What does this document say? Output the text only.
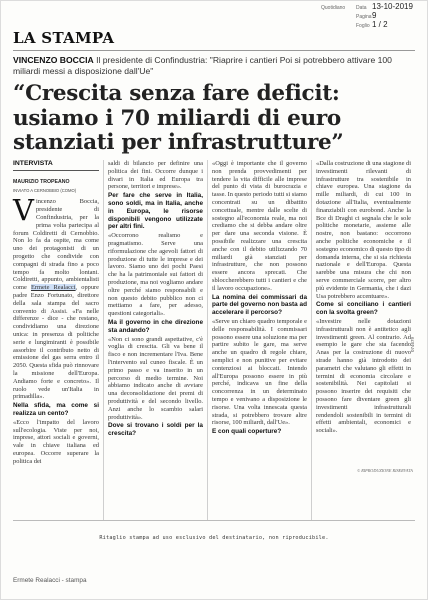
LA STAMPA
Quotidiano Data 13-10-2019
Pagina 9
Foglio 1 / 2
VINCENZO BOCCIA Il presidente di Confindustria: "Riaprire i cantieri Poi si potrebbero attivare 100 miliardi messi a disposizione dall'Ue"
“Crescita senza fare deficit: usiamo i 70 miliardi di euro stanziati per infrastrutture”
INTERVISTA
MAURIZIO TROPEANO
INVIATO A CERNOBBIO (COMO)

Vincenzo Boccia, presidente di Confindustria, per la prima volta partecipa al forum Coldiretti di Cernobbio. Non lo fa da ospite, ma come uno dei protagonisti di un progetto che condivide con compagni di strada fino a poco tempo fa molto lontani. Coldiretti, appunto, ambientalisti come Ermete Realacci, oppure padre Enzo Fortunato, direttore della sala stampa del sacro convento di Assisi. «Fa nelle differenze - dice - che restano, condividiamo una direzione unica: in presenza di politiche serie e lungimiranti è possibile assorbire il contributo netto di emissione del gas serra entro il 2050. Questa sfida può rinnovare la missione dell'Europa. Andiamo forte e concreto». Il ruolo vede un'Italia in primadilla».

Nella sfida, ma come si realizza un cento?

«Ecco l'impatto del lavoro sull'ecologia. Viste per noi, imprese, attori sociali e governi, vale in chiave italiana ed europea. Occorre superare la politica dei

saldi di bilancio per definire una politica dei fini. Occorre dunque i divari in Italia ed Europa tra persone, territori e imprese».

Per fare che serve in Italia, sono soldi, ma in Italia, anche in Europa, le risorse disponibili vengono utilizzate per altri fini.

«Occorrono realismo e pragmatismo. Serve una riformulazione che agevoli fattori di produzione di tutte le imprese e dei lavoro. Siamo uno dei pochi Paesi che ha la patrimoniale sui fattori di produzione, ma noi vogliamo andare oltre perché siamo responsabili e non questo debito pubblico non ci mettiamo a fare, per adesso, questioni categoriali».

Ma il governo in che direzione sta andando?

«Non ci sono grandi aspettative, c'è voglia di crescita. Gli va bene il fisco e non incrementare l'Iva. Bene l'intervento sul cuneo fiscale. È un primo passo e va inserito in un percorso di medio termine. Noi abbiamo indicato anche di avviare una deconsolidazione dei premi di produttività e del secondo livello. Anzi anche lo scambio salari produttività».

Dove si trovano i soldi per la crescita?

«Oggi è importante che il governo non prenda provvedimenti per tendere la vita difficile alle imprese del punto di vista di burocrazia e tasse. In questo periodo tutti si siamo concentrati su un dibattito concettuale, mentre dalle scelte di sostegno all'economia reale, ma noi crediamo che si debba andare oltre per dare una seconda visione. È possibile realizzare una crescita anche con il debito utilizzando 70 miliardi già stanziati per infrastrutture, che non possono essere ancora sprecati. Che sbloccherebbero tutti i cantieri e che il lavoro occupazione».

La nomina dei commissari da parte del governo non basta ad accelerare il percorso?

«Serve un chiaro quadro temporale e delle responsabilità. I commissari possono essere una soluzione ma per partire subito le gare, ma serve anche un quadro di regole chiare, semplici e non punitive per evitare contenziosi ai bloccati. Intendo all'Europa possono essere in più perché, indicava un fine della concorrenza in un determinato tempo e venivano a disposizione le risorse. Una volta innescata questa strada, si potrebbero trovare altre risorse, 100 miliardi, dall'Ue».

E con quali coperture?

«Dalla costruzione di una stagione di investimenti rilevanti di infrastrutture tra sostenibile in chiave europea. Una stagione da mille miliardi, di cui 100 in dotazione all'Italia, eventualmente finanziabili con eurobond. Anche la Bce di Draghi ci segnala che le sole politiche monetarie, assieme alle nostre, non bastano: occorrono anche politiche economiche e il sostegno economico di questo tipo di domanda interna, che si sia richiesta nazionale e dell'Europa. Questa sarebbe una misura che chi non serve commerciale scorre, per altro più evidente in Germania, che i dazi Usa potrebbero accentuare».

Come si conciliano i cantieri con la svolta green?

«Investire nelle dotazioni infrastrutturali non è antitetico agli investimenti green. Al contrario. Ad esempio le gare che sta facendo Anas per la costruzione di nuovo strade hanno già introdotto dei parametri che valutano gli effetti in termini di economia circolare e sostenibilità. Nei capitolati si possono inserire dei requisiti che possono fare diventare green gli investimenti infrastrutturali rendendoli sostenibili in termini di effetti ambientali, economici e sociali».

© RIPRODUZIONE RISERVATA
074679
Ritaglio stampa ad uso esclusivo del destinatario, non riproducibile.
Ermete Realacci - stampa
